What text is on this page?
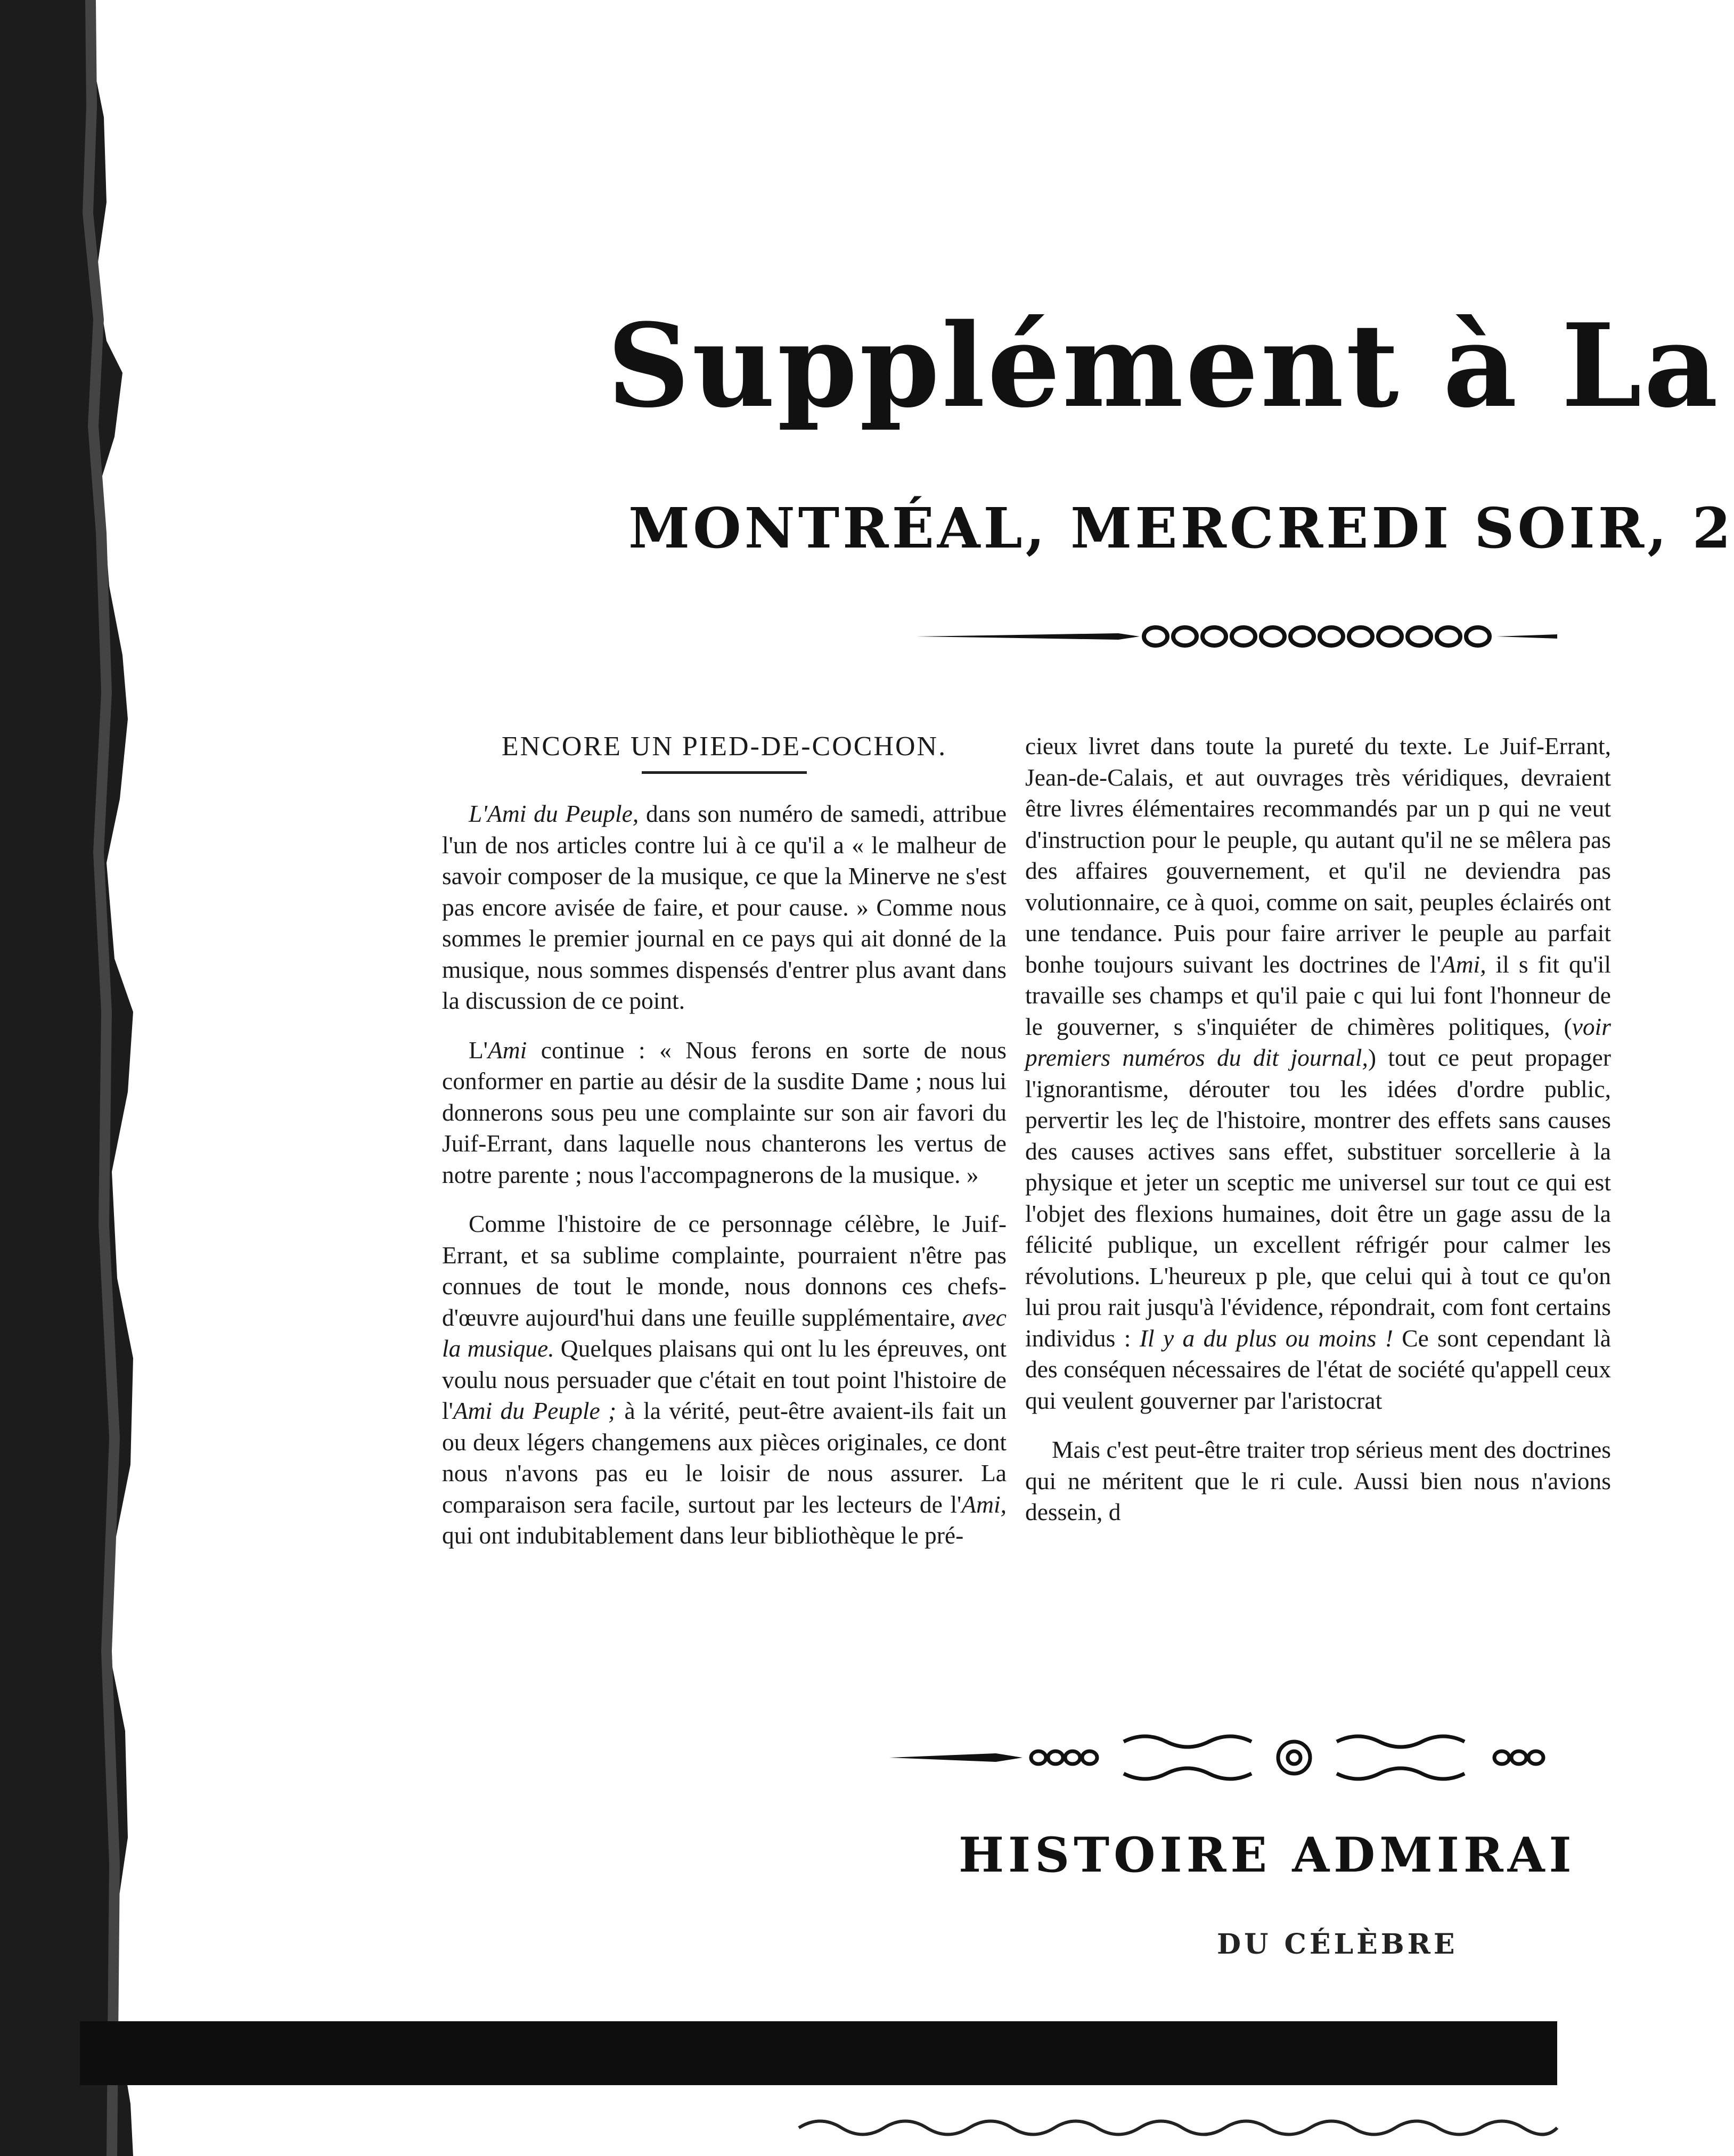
Supplément à La
MONTRÉAL, MERCREDI SOIR, 2
ENCORE UN PIED-DE-COCHON.

L'Ami du Peuple, dans son numéro de samedi, attribue l'un de nos articles contre lui à ce qu'il a « le malheur de savoir composer de la musique, ce que la Minerve ne s'est pas encore avisée de faire, et pour cause. » Comme nous sommes le premier journal en ce pays qui ait donné de la musique, nous sommes dispensés d'entrer plus avant dans la discussion de ce point.

L'Ami continue : « Nous ferons en sorte de nous conformer en partie au désir de la susdite Dame ; nous lui donnerons sous peu une complainte sur son air favori du Juif-Errant, dans laquelle nous chanterons les vertus de notre parente ; nous l'accompagnerons de la musique. »

Comme l'histoire de ce personnage célèbre, le Juif-Errant, et sa sublime complainte, pourraient n'être pas connues de tout le monde, nous donnons ces chefs-d'œuvre aujourd'hui dans une feuille supplémentaire, avec la musique. Quelques plaisans qui ont lu les épreuves, ont voulu nous persuader que c'était en tout point l'histoire de l'Ami du Peuple ; à la vérité, peut-être avaient-ils fait un ou deux légers changemens aux pièces originales, ce dont nous n'avons pas eu le loisir de nous assurer. La comparaison sera facile, surtout par les lecteurs de l'Ami, qui ont indubitablement dans leur bibliothèque le pré-

cieux livret dans toute la pureté du texte. Le Juif-Errant, Jean-de-Calais, et aut ouvrages très véridiques, devraient être livres élémentaires recommandés par un p qui ne veut d'instruction pour le peuple, qu autant qu'il ne se mêlera pas des affaires gouvernement, et qu'il ne deviendra pas volutionnaire, ce à quoi, comme on sait, peuples éclairés ont une tendance. Puis pour faire arriver le peuple au parfait bonhe toujours suivant les doctrines de l'Ami, il s fit qu'il travaille ses champs et qu'il paie c qui lui font l'honneur de le gouverner, s s'inquiéter de chimères politiques, (voir premiers numéros du dit journal,) tout ce peut propager l'ignorantisme, dérouter tou les idées d'ordre public, pervertir les leç de l'histoire, montrer des effets sans causes des causes actives sans effet, substituer sorcellerie à la physique et jeter un sceptic me universel sur tout ce qui est l'objet des flexions humaines, doit être un gage assu de la félicité publique, un excellent réfrigér pour calmer les révolutions. L'heureux p ple, que celui qui à tout ce qu'on lui prou rait jusqu'à l'évidence, répondrait, com font certains individus : Il y a du plus ou moins ! Ce sont cependant là des conséquen nécessaires de l'état de société qu'appell ceux qui veulent gouverner par l'aristocrat

Mais c'est peut-être traiter trop sérieus ment des doctrines qui ne méritent que le ri cule. Aussi bien nous n'avions dessein, d

HISTOIRE ADMIRAI
DU CÉLÈBRE
